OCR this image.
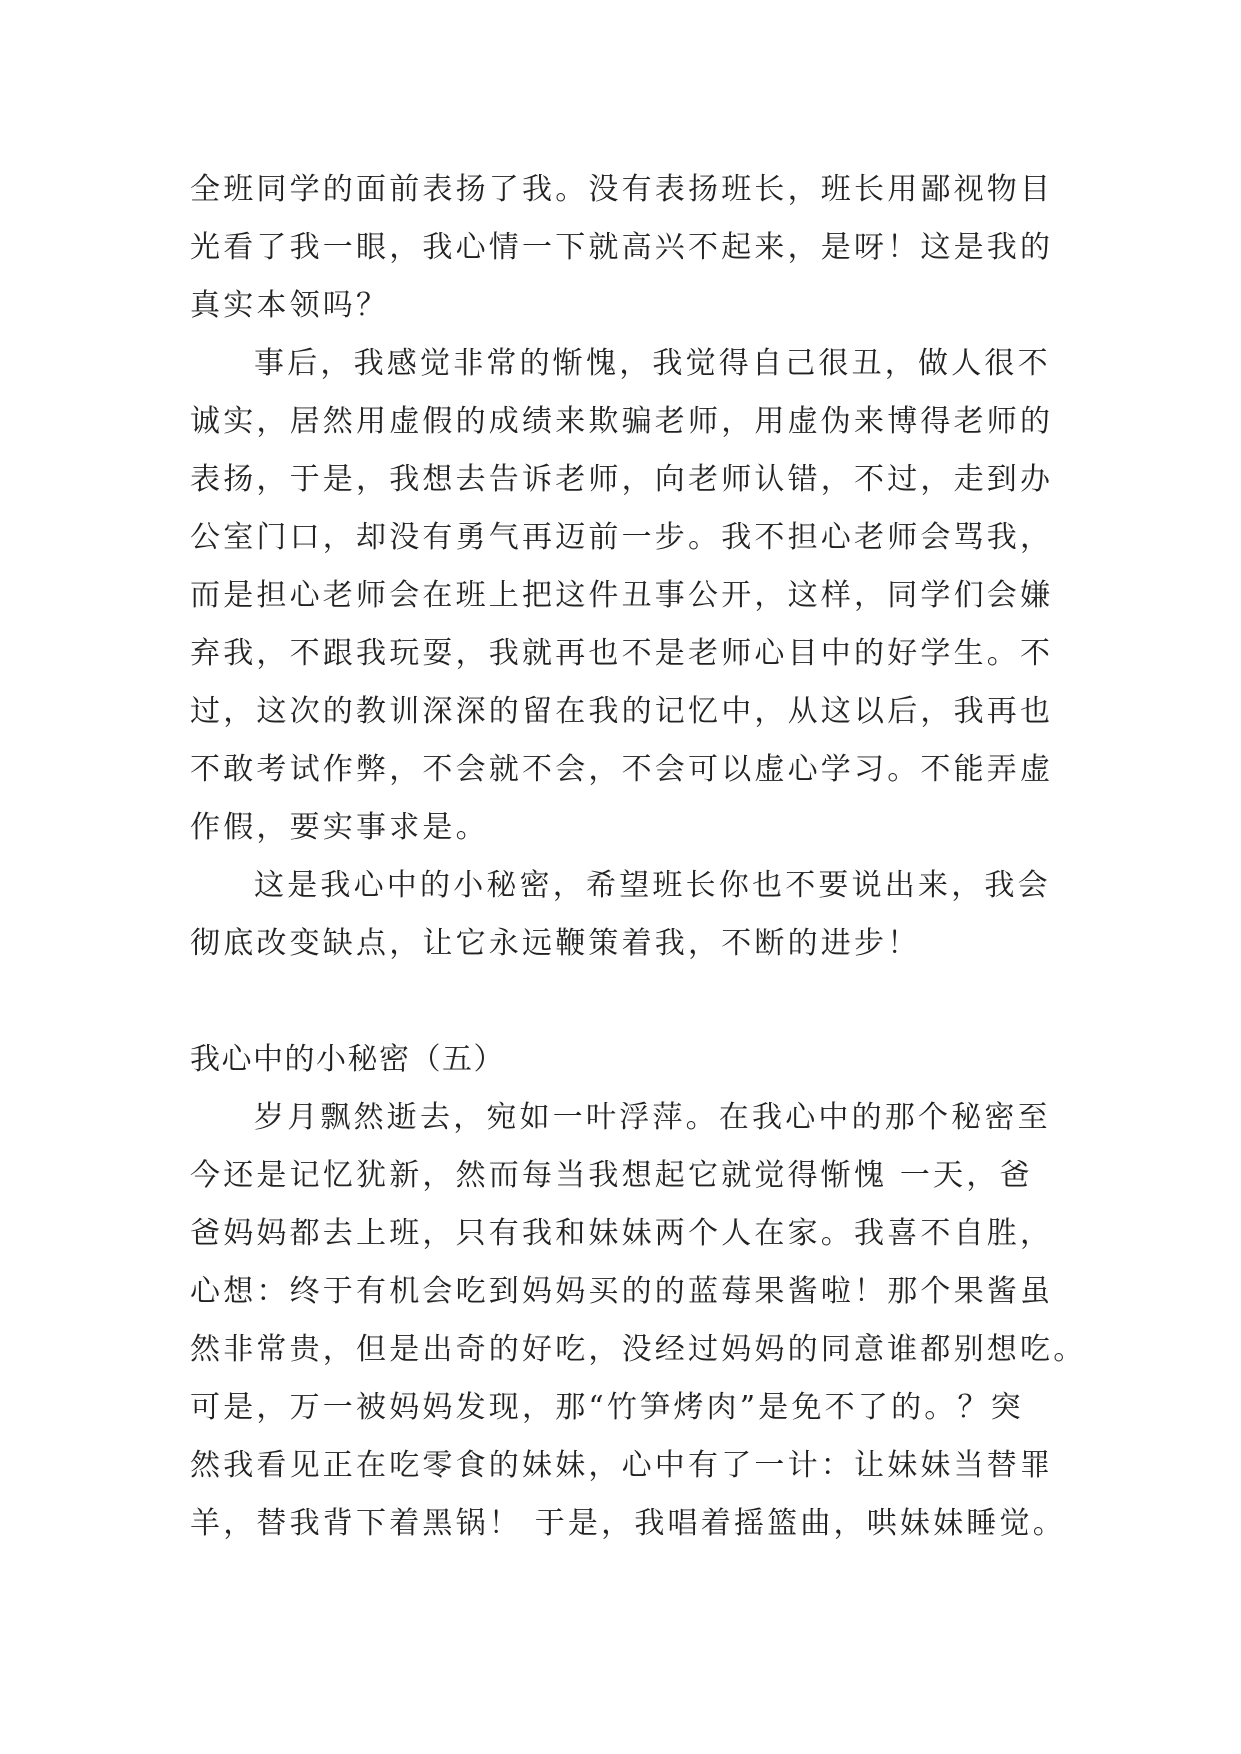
全班同学的面前表扬了我。没有表扬班长，班长用鄙视物目
光看了我一眼，我心情一下就高兴不起来，是呀！这是我的
真实本领吗？
事后，我感觉非常的惭愧，我觉得自己很丑，做人很不
诚实，居然用虚假的成绩来欺骗老师，用虚伪来博得老师的
表扬，于是，我想去告诉老师，向老师认错，不过，走到办
公室门口，却没有勇气再迈前一步。我不担心老师会骂我，
而是担心老师会在班上把这件丑事公开，这样，同学们会嫌
弃我，不跟我玩耍，我就再也不是老师心目中的好学生。不
过，这次的教训深深的留在我的记忆中，从这以后，我再也
不敢考试作弊，不会就不会，不会可以虚心学习。不能弄虚
作假，要实事求是。
这是我心中的小秘密，希望班长你也不要说出来，我会
彻底改变缺点，让它永远鞭策着我，不断的进步！
我心中的小秘密（五）
岁月飘然逝去，宛如一叶浮萍。在我心中的那个秘密至
今还是记忆犹新，然而每当我想起它就觉得惭愧 一天，爸
爸妈妈都去上班，只有我和妹妹两个人在家。我喜不自胜，
心想：终于有机会吃到妈妈买的的蓝莓果酱啦！那个果酱虽
然非常贵，但是出奇的好吃，没经过妈妈的同意谁都别想吃。
可是，万一被妈妈发现，那“竹笋烤肉”是免不了的。？突
然我看见正在吃零食的妹妹，心中有了一计：让妹妹当替罪
羊，替我背下着黑锅！ 于是，我唱着摇篮曲，哄妹妹睡觉。
